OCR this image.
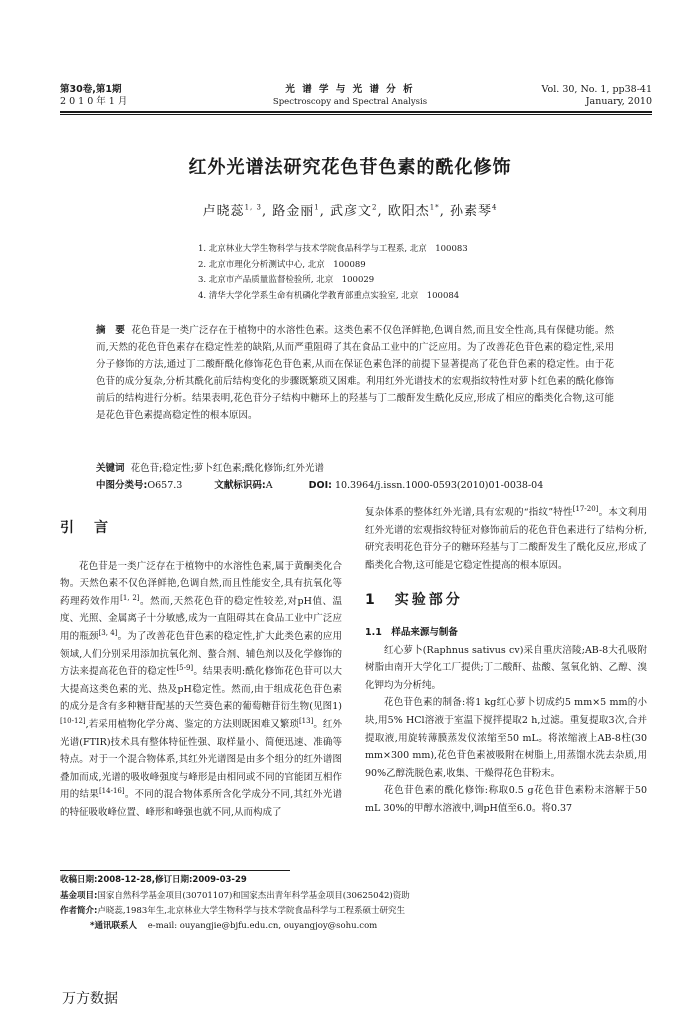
第30卷,第1期
2 0 1 0 年 1 月
光 谱 学 与 光 谱 分 析
Spectroscopy and Spectral Analysis
Vol. 30, No. 1, pp38-41
January, 2010
红外光谱法研究花色苷色素的酰化修饰
卢晓蕊$^{1, 3}$, 路金丽$^1$, 武彦文$^2$, 欧阳杰$^{1*}$, 孙素琴$^4$
1. 北京林业大学生物科学与技术学院食品科学与工程系, 北京　100083
2. 北京市理化分析测试中心, 北京　100089
3. 北京市产品质量监督检验所, 北京　100029
4. 清华大学化学系生命有机磷化学教育部重点实验室, 北京　100084
摘　要 花色苷是一类广泛存在于植物中的水溶性色素。这类色素不仅色泽鲜艳,色调自然,而且安全性高,具有保健功能。然而,天然的花色苷色素存在稳定性差的缺陷,从而严重阻碍了其在食品工业中的广泛应用。为了改善花色苷色素的稳定性,采用分子修饰的方法,通过丁二酸酐酰化修饰花色苷色素,从而在保证色素色泽的前提下显著提高了花色苷色素的稳定性。由于花色苷的成分复杂,分析其酰化前后结构变化的步骤既繁琐又困难。利用红外光谱技术的宏观指纹特性对萝卜红色素的酰化修饰前后的结构进行分析。结果表明,花色苷分子结构中糖环上的羟基与丁二酸酐发生酰化反应,形成了相应的酯类化合物,这可能是花色苷色素提高稳定性的根本原因。
关键词 花色苷;稳定性;萝卜红色素;酰化修饰;红外光谱
中图分类号:O657.3	文献标识码:A	DOI: 10.3964/j.issn.1000-0593(2010)01-0038-04
引　言

花色苷是一类广泛存在于植物中的水溶性色素,属于黄酮类化合物。天然色素不仅色泽鲜艳,色调自然,而且性能安全,具有抗氧化等药理药效作用[1, 2]。然而,天然花色苷的稳定性较差,对pH值、温度、光照、金属离子十分敏感,成为一直阻碍其在食品工业中广泛应用的瓶颈[3, 4]。为了改善花色苷色素的稳定性,扩大此类色素的应用领域,人们分别采用添加抗氧化剂、螯合剂、辅色剂以及化学修饰的方法来提高花色苷的稳定性[5-9]。结果表明:酰化修饰花色苷可以大大提高这类色素的光、热及pH稳定性。然而,由于组成花色苷色素的成分是含有多种糖苷配基的天竺葵色素的葡萄糖苷衍生物(见图1)[10-12],若采用植物化学分离、鉴定的方法则既困难又繁琐[13]。红外光谱(FTIR)技术具有整体特征性强、取样量小、简便迅速、准确等特点。对于一个混合物体系,其红外光谱图是由多个组分的红外谱图叠加而成,光谱的吸收峰强度与峰形是由相同或不同的官能团互相作用的结果[14-16]。不同的混合物体系所含化学成分不同,其红外光谱的特征吸收峰位置、峰形和峰强也就不同,从而构成了

复杂体系的整体红外光谱,具有宏观的“指纹”特性[17-20]。本文利用红外光谱的宏观指纹特征对修饰前后的花色苷色素进行了结构分析,研究表明花色苷分子的糖环羟基与丁二酸酐发生了酰化反应,形成了酯类化合物,这可能是它稳定性提高的根本原因。

1　实验部分

1.1　样品来源与制备

红心萝卜(Raphnus sativus cv)采自重庆涪陵;AB-8大孔吸附树脂由南开大学化工厂提供;丁二酸酐、盐酸、氢氧化钠、乙醇、溴化钾均为分析纯。

花色苷色素的制备:将1 kg红心萝卜切成约5 mm×5 mm的小块,用5% HCl溶液于室温下搅拌提取2 h,过滤。重复提取3次,合并提取液,用旋转薄膜蒸发仪浓缩至50 mL。将浓缩液上AB-8柱(30 mm×300 mm),花色苷色素被吸附在树脂上,用蒸馏水洗去杂质,用90%乙醇洗脱色素,收集、干燥得花色苷粉末。

花色苷色素的酰化修饰:称取0.5 g花色苷色素粉末溶解于50 mL 30%的甲醇水溶液中,调pH值至6.0。将0.37

收稿日期:2008-12-28,修订日期:2009-03-29
基金项目:国家自然科学基金项目(30701107)和国家杰出青年科学基金项目(30625042)资助
作者简介:卢晓蕊,1983年生,北京林业大学生物科学与技术学院食品科学与工程系硕士研究生
*通讯联系人 e-mail: ouyangjie@bjfu.edu.cn, ouyangjoy@sohu.com
万方数据
